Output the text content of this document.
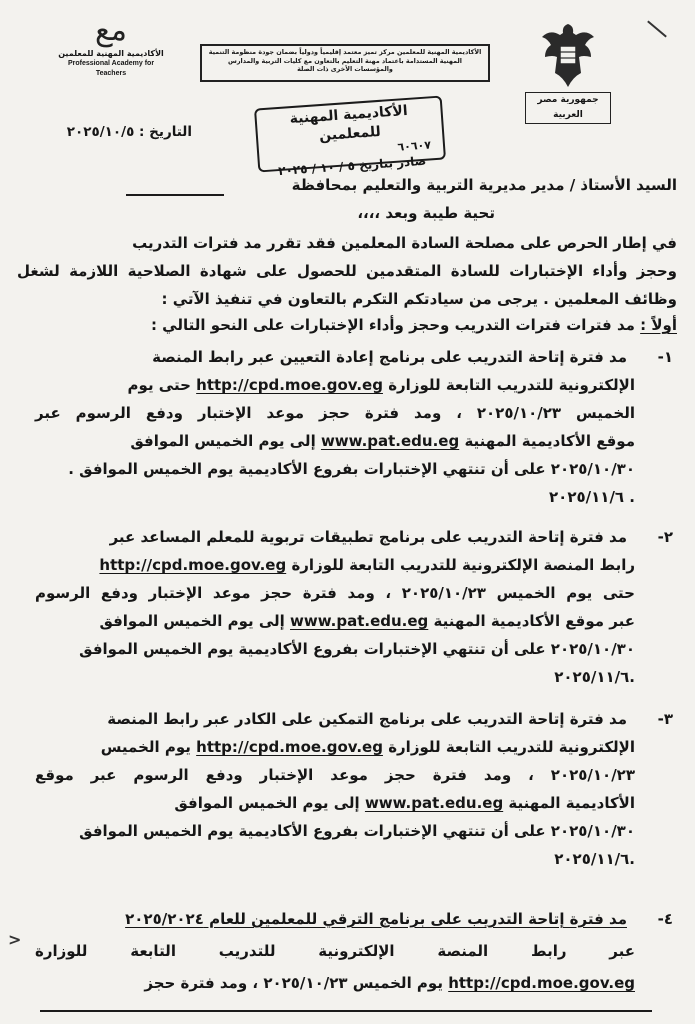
مع
الأكاديمية المهنية للمعلمين
Professional Academy for Teachers
الأكاديمية المهنية للمعلمين مركز تميز معتمد إقليمياً ودولياً بضمان جودة منظومة التنمية المهنية المستدامة باعتماد مهنة التعليم بالتعاون مع كليات التربية والمدارس والمؤسسات الأخرى ذات الصلة
جمهورية مصر العربية
التاريخ : ٢٠٢٥/١٠/٥
الأكاديمية المهنية للمعلمين
٦٠٦٠٧
صادر بتاريخ ٥ / ١٠ / ٢٠٢٥
السيد الأستاذ / مدير مديرية التربية والتعليم بمحافظة
تحية طيبة وبعد ،،،،
في إطار الحرص على مصلحة السادة المعلمين فقد تقرر مد فترات التدريب
وحجز وأداء الإختبارات للسادة المتقدمين للحصول على شهادة الصلاحية اللازمة لشغل
وظائف المعلمين . يرجى من سيادتكم التكرم بالتعاون في تنفيذ الآتي :
أولاً : مد فترات فترات التدريب وحجز وأداء الإختبارات على النحو التالي :
-١
مد فترة إتاحة التدريب على برنامج إعادة التعيين عبر رابط المنصة
الإلكترونية للتدريب التابعة للوزارة http://cpd.moe.gov.eg حتى يوم
الخميس ٢٠٢٥/١٠/٢٣ ، ومد فترة حجز موعد الإختبار ودفع الرسوم عبر
موقع الأكاديمية المهنية www.pat.edu.eg إلى يوم الخميس الموافق
٢٠٢٥/١٠/٣٠ على أن تنتهي الإختبارات بفروع الأكاديمية يوم الخميس الموافق .
٢٠٢٥/١١/٦ .
-٢
مد فترة إتاحة التدريب على برنامج تطبيقات تربوية للمعلم المساعد عبر
رابط المنصة الإلكترونية للتدريب التابعة للوزارة http://cpd.moe.gov.eg
حتى يوم الخميس ٢٠٢٥/١٠/٢٣ ، ومد فترة حجز موعد الإختبار ودفع الرسوم
عبر موقع الأكاديمية المهنية www.pat.edu.eg إلى يوم الخميس الموافق
٢٠٢٥/١٠/٣٠ على أن تنتهي الإختبارات بفروع الأكاديمية يوم الخميس الموافق
٢٠٢٥/١١/٦.
-٣
مد فترة إتاحة التدريب على برنامج التمكين على الكادر عبر رابط المنصة
الإلكترونية للتدريب التابعة للوزارة http://cpd.moe.gov.eg يوم الخميس
٢٠٢٥/١٠/٢٣ ، ومد فترة حجز موعد الإختبار ودفع الرسوم عبر موقع
الأكاديمية المهنية www.pat.edu.eg إلى يوم الخميس الموافق
٢٠٢٥/١٠/٣٠ على أن تنتهي الإختبارات بفروع الأكاديمية يوم الخميس الموافق
٢٠٢٥/١١/٦.
-٤
مد فترة إتاحة التدريب على برنامج الترقي للمعلمين للعام ٢٠٢٥/٢٠٢٤
عبر رابط المنصة الإلكترونية للتدريب التابعة للوزارة
http://cpd.moe.gov.eg يوم الخميس ٢٠٢٥/١٠/٢٣ ، ومد فترة حجز
>
